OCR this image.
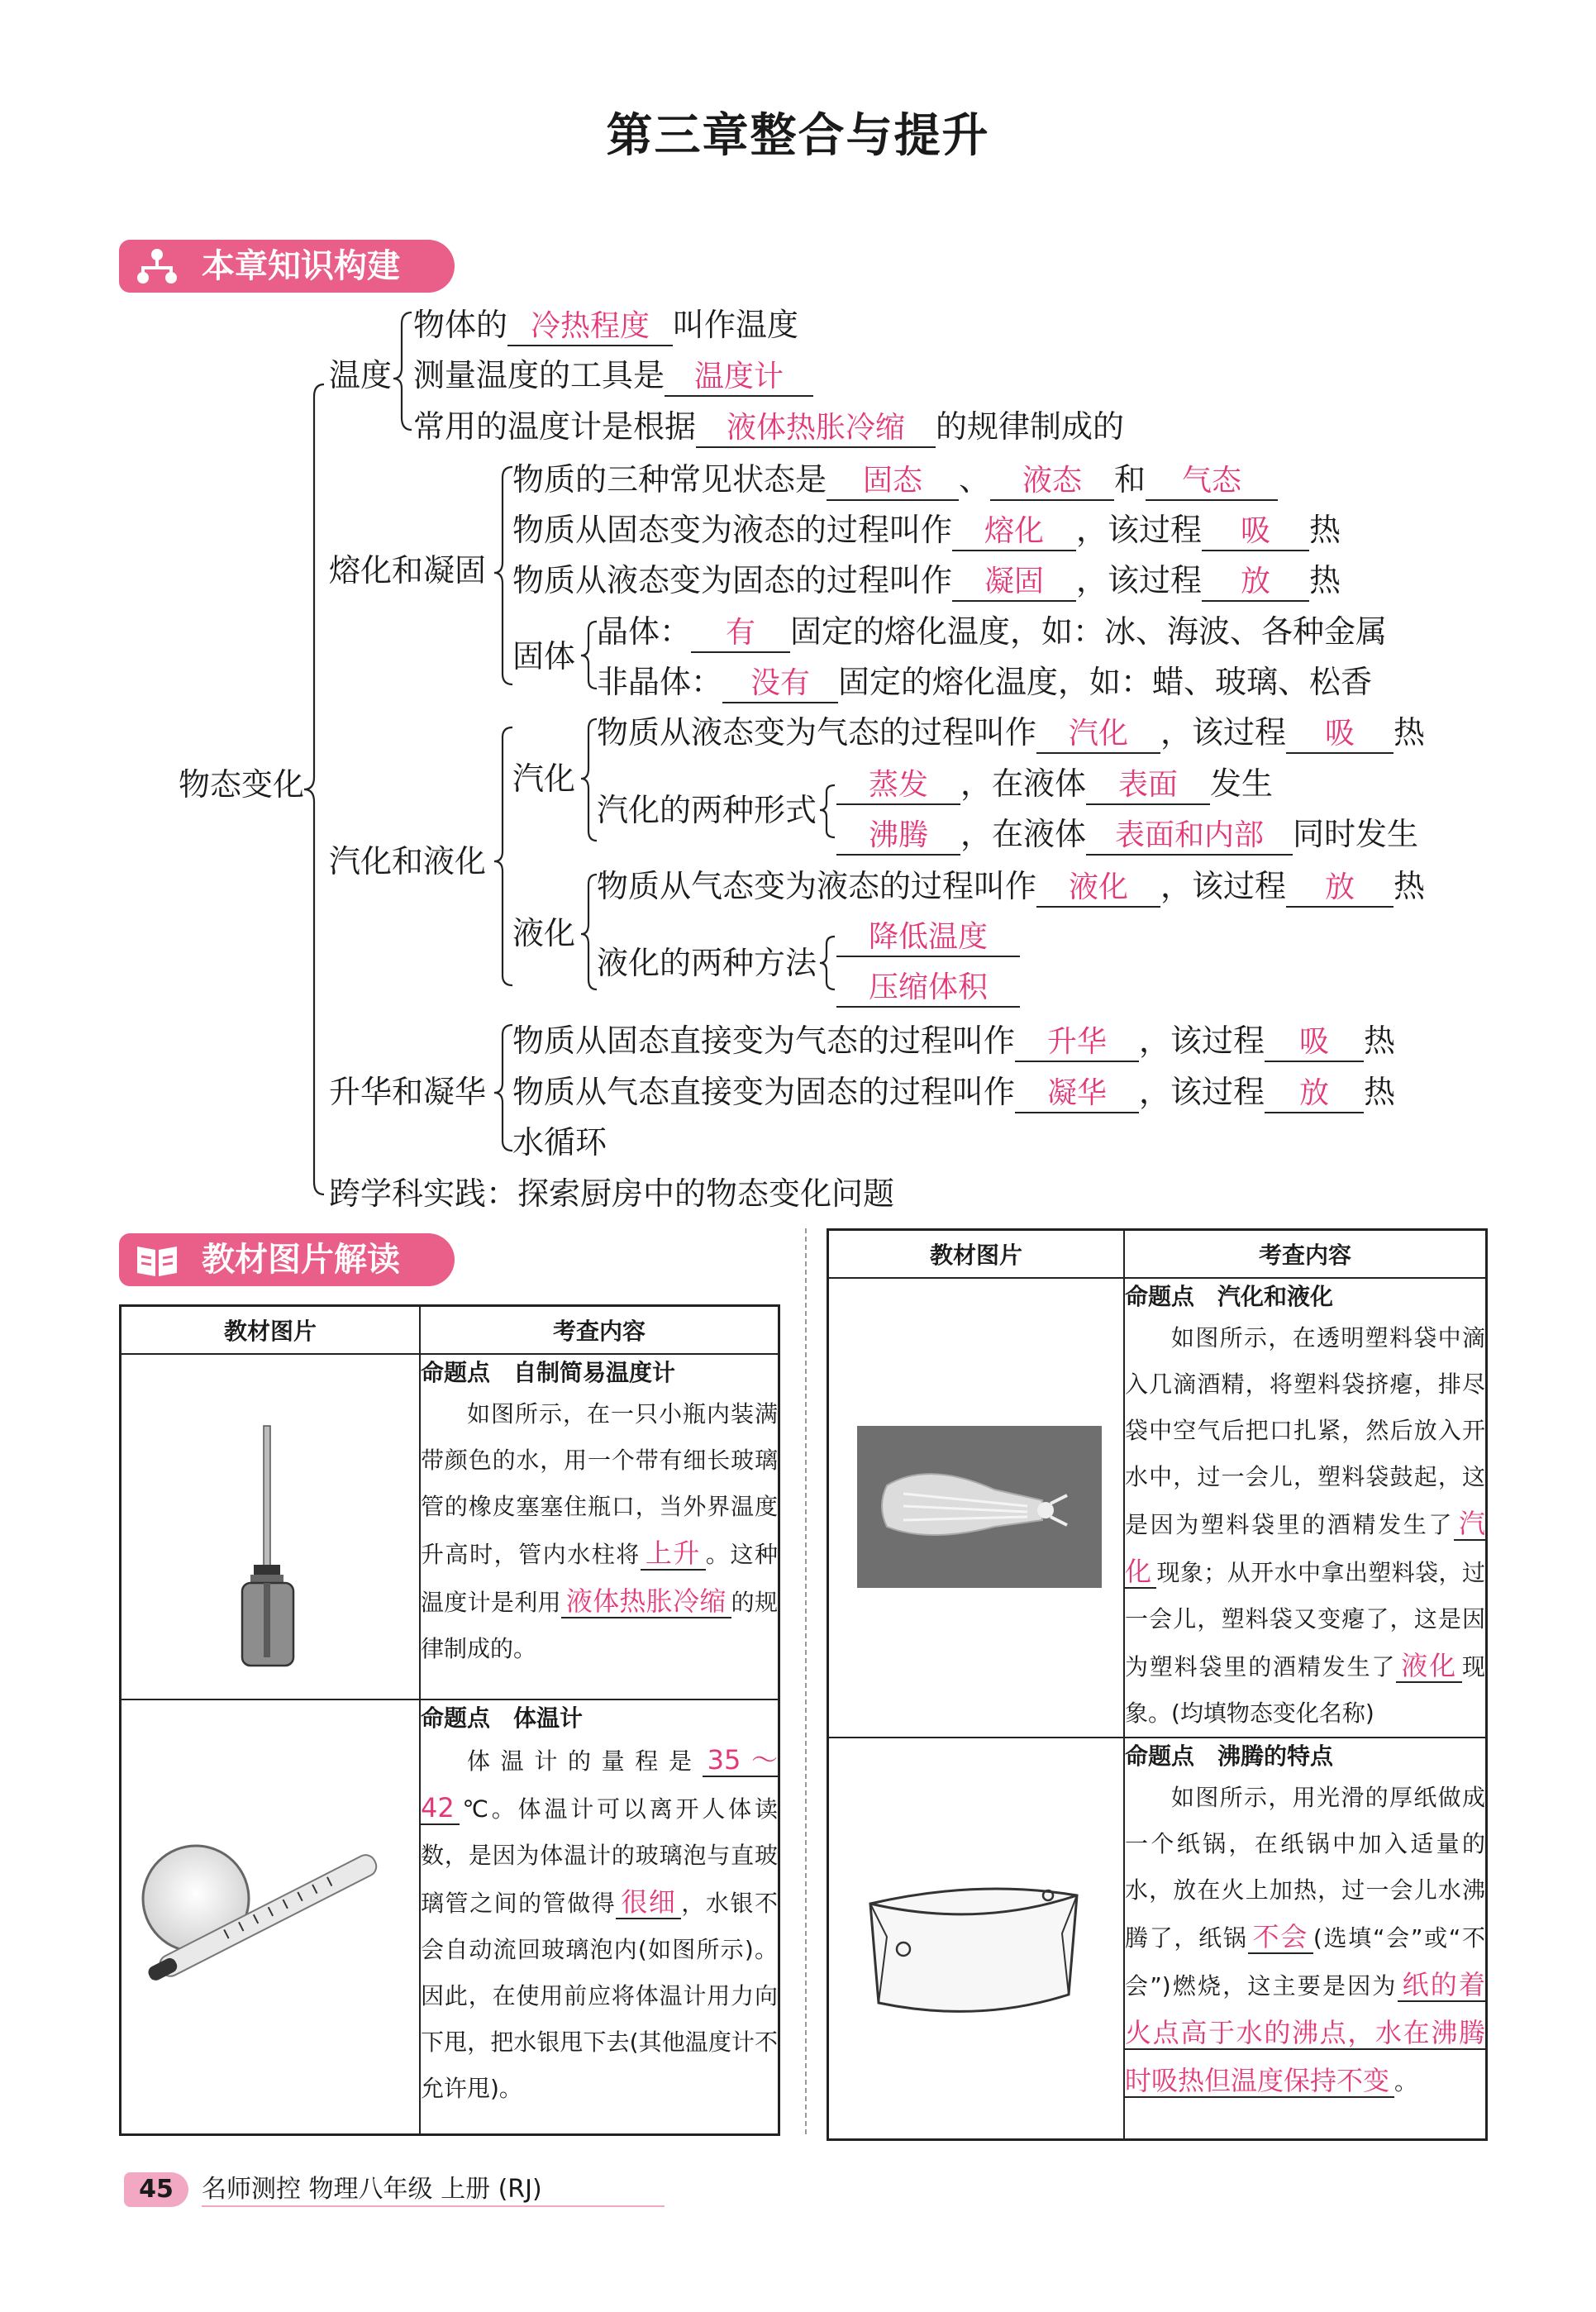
第三章整合与提升
本章知识构建
物态变化
温度
物体的 冷热程度 叫作温度
测量温度的工具是 温度计
常用的温度计是根据 液体热胀冷缩 的规律制成的
熔化和凝固
物质的三种常见状态是 固态 、 液态 和 气态
物质从固态变为液态的过程叫作 熔化 ，该过程 吸 热
物质从液态变为固态的过程叫作 凝固 ，该过程 放 热
固体
晶体： 有 固定的熔化温度，如：冰、海波、各种金属
非晶体： 没有 固定的熔化温度，如：蜡、玻璃、松香
汽化和液化
汽化
物质从液态变为气态的过程叫作 汽化 ，该过程 吸 热
汽化的两种形式
蒸发 ，在液体 表面 发生
沸腾 ，在液体 表面和内部 同时发生
液化
物质从气态变为液态的过程叫作 液化 ，该过程 放 热
液化的两种方法
降低温度
压缩体积
升华和凝华
物质从固态直接变为气态的过程叫作 升华 ，该过程 吸 热
物质从气态直接变为固态的过程叫作 凝华 ，该过程 放 热
水循环
跨学科实践：探索厨房中的物态变化问题
教材图片解读
教材图片	考查内容

命题点　自制简易温度计
如图所示，在一只小瓶内装满带颜色的水，用一个带有细长玻璃管的橡皮塞塞住瓶口，当外界温度升高时，管内水柱将 上升 。这种温度计是利用 液体热胀冷缩 的规律制成的。

命题点　体温计
体温计的量程是 35～42 ℃。体温计可以离开人体读数，是因为体温计的玻璃泡与直玻璃管之间的管做得 很细 ，水银不会自动流回玻璃泡内(如图所示)。因此，在使用前应将体温计用力向下甩，把水银甩下去(其他温度计不允许甩)。
教材图片	考查内容

命题点　汽化和液化
如图所示，在透明塑料袋中滴入几滴酒精，将塑料袋挤瘪，排尽袋中空气后把口扎紧，然后放入开水中，过一会儿，塑料袋鼓起，这是因为塑料袋里的酒精发生了 汽化 现象；从开水中拿出塑料袋，过一会儿，塑料袋又变瘪了，这是因为塑料袋里的酒精发生了 液化 现象。(均填物态变化名称)

命题点　沸腾的特点
如图所示，用光滑的厚纸做成一个纸锅，在纸锅中加入适量的水，放在火上加热，过一会儿水沸腾了，纸锅 不会 (选填“会”或“不会”)燃烧，这主要是因为 纸的着火点高于水的沸点，水在沸腾时吸热但温度保持不变 。
45	名师测控 物理八年级 上册 (RJ)
